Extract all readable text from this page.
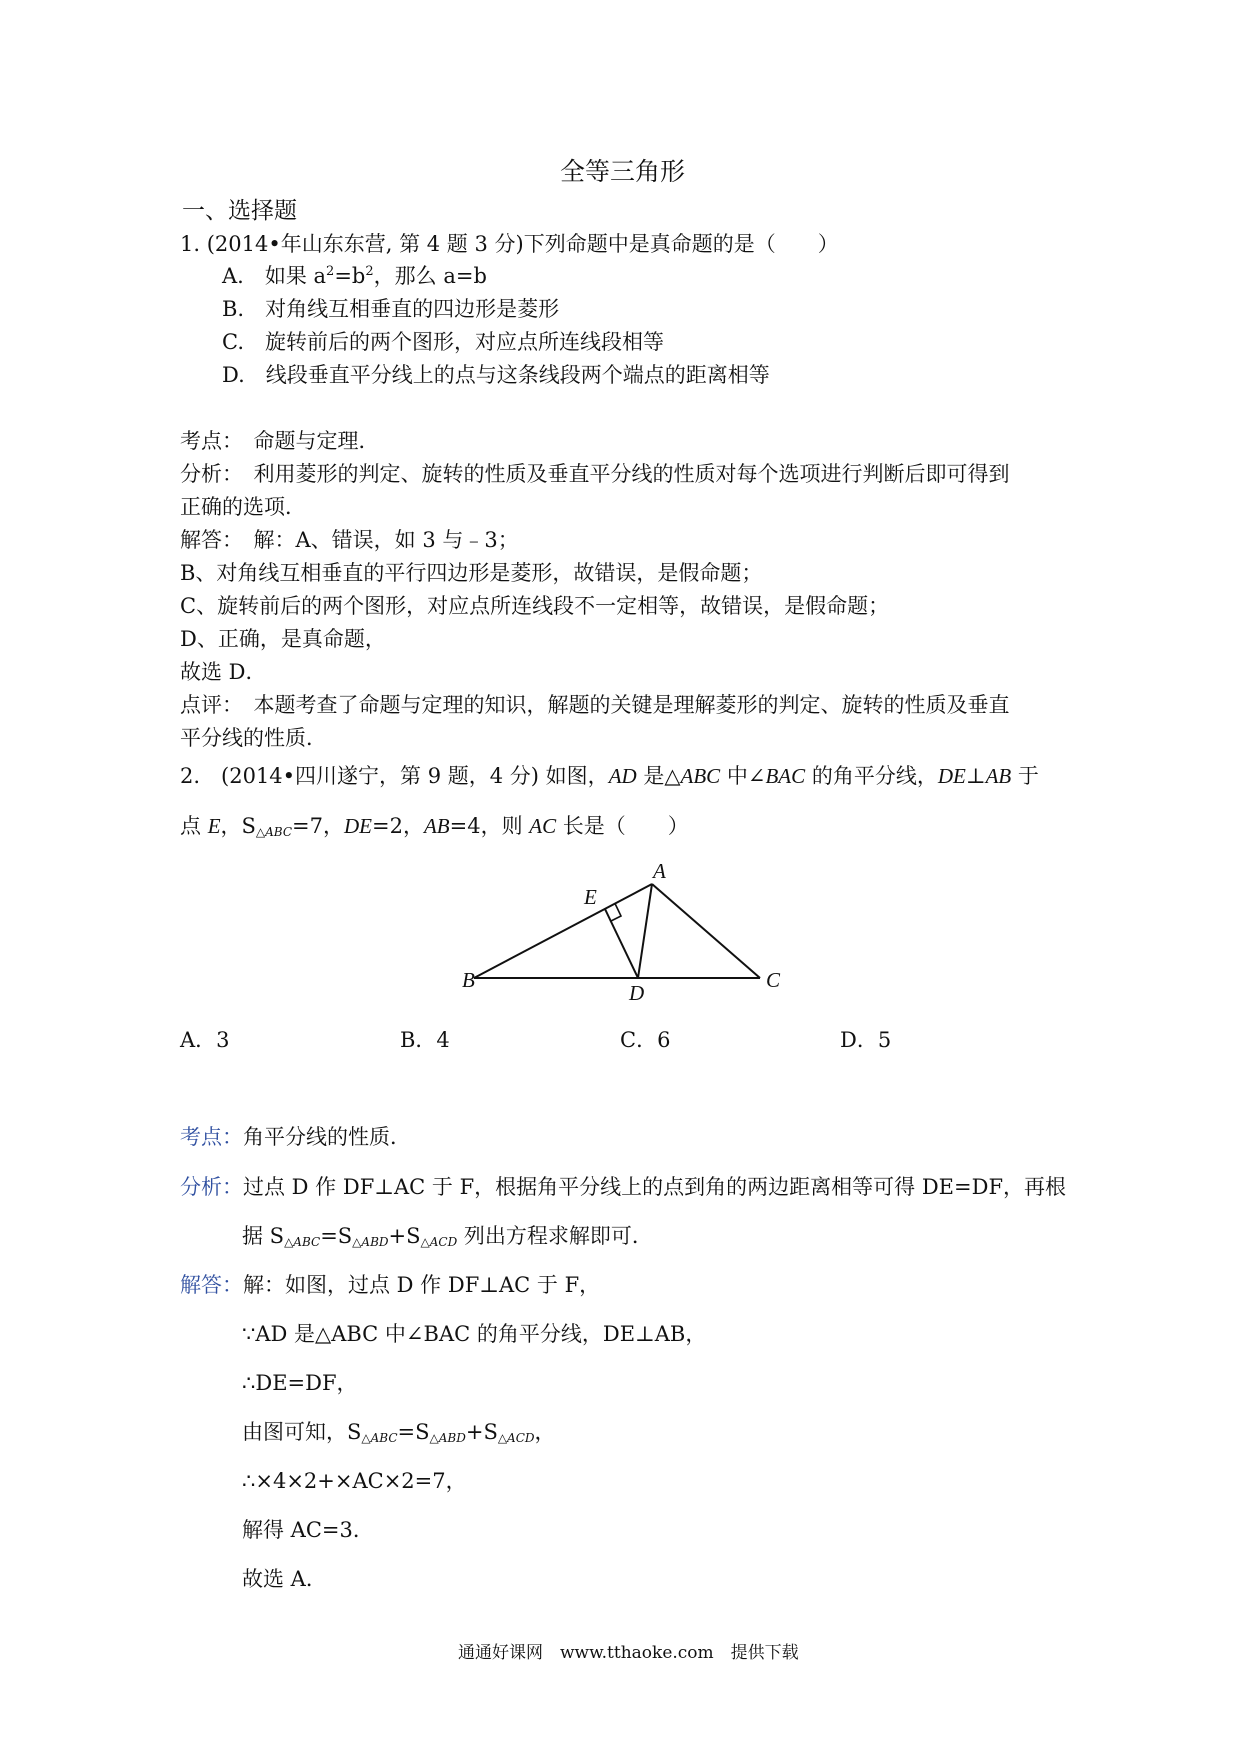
全等三角形
一、选择题
1. (2014•年山东东营, 第 4 题 3 分)下列命题中是真命题的是（　　）
A.　如果 $a^2=b^2$，那么 a=b
B.　对角线互相垂直的四边形是菱形
C.　旋转前后的两个图形，对应点所连线段相等
D.　线段垂直平分线上的点与这条线段两个端点的距离相等
考点：　命题与定理．
分析：　利用菱形的判定、旋转的性质及垂直平分线的性质对每个选项进行判断后即可得到
正确的选项．
解答：　解：A、错误，如 3 与﹣3；
B、对角线互相垂直的平行四边形是菱形，故错误，是假命题；
C、旋转前后的两个图形，对应点所连线段不一定相等，故错误，是假命题；
D、正确，是真命题，
故选 D．
点评：　本题考查了命题与定理的知识，解题的关键是理解菱形的判定、旋转的性质及垂直
平分线的性质．
2.　(2014•四川遂宁，第 9 题，4 分) 如图，AD 是△ABC 中∠BAC 的角平分线，DE⊥AB 于
点 E，$S_{\triangle ABC}=7$，DE=2，AB=4，则 AC 长是（　　）
A
B	C
D
E
A．3	B．4	C．6	D．5
考点：角平分线的性质．
分析：过点 D 作 DF⊥AC 于 F，根据角平分线上的点到角的两边距离相等可得 DE=DF，再根
据 $S_{\triangle ABC}=S_{\triangle ABD}+S_{\triangle ACD}$ 列出方程求解即可．
解答：解：如图，过点 D 作 DF⊥AC 于 F，
∵AD 是△ABC 中∠BAC 的角平分线，DE⊥AB，
∴DE=DF，
由图可知，$S_{\triangle ABC}=S_{\triangle ABD}+S_{\triangle ACD}$，
∴×4×2+×AC×2=7，
解得 AC=3．
故选 A．
通通好课网　www.tthaoke.com　提供下载
